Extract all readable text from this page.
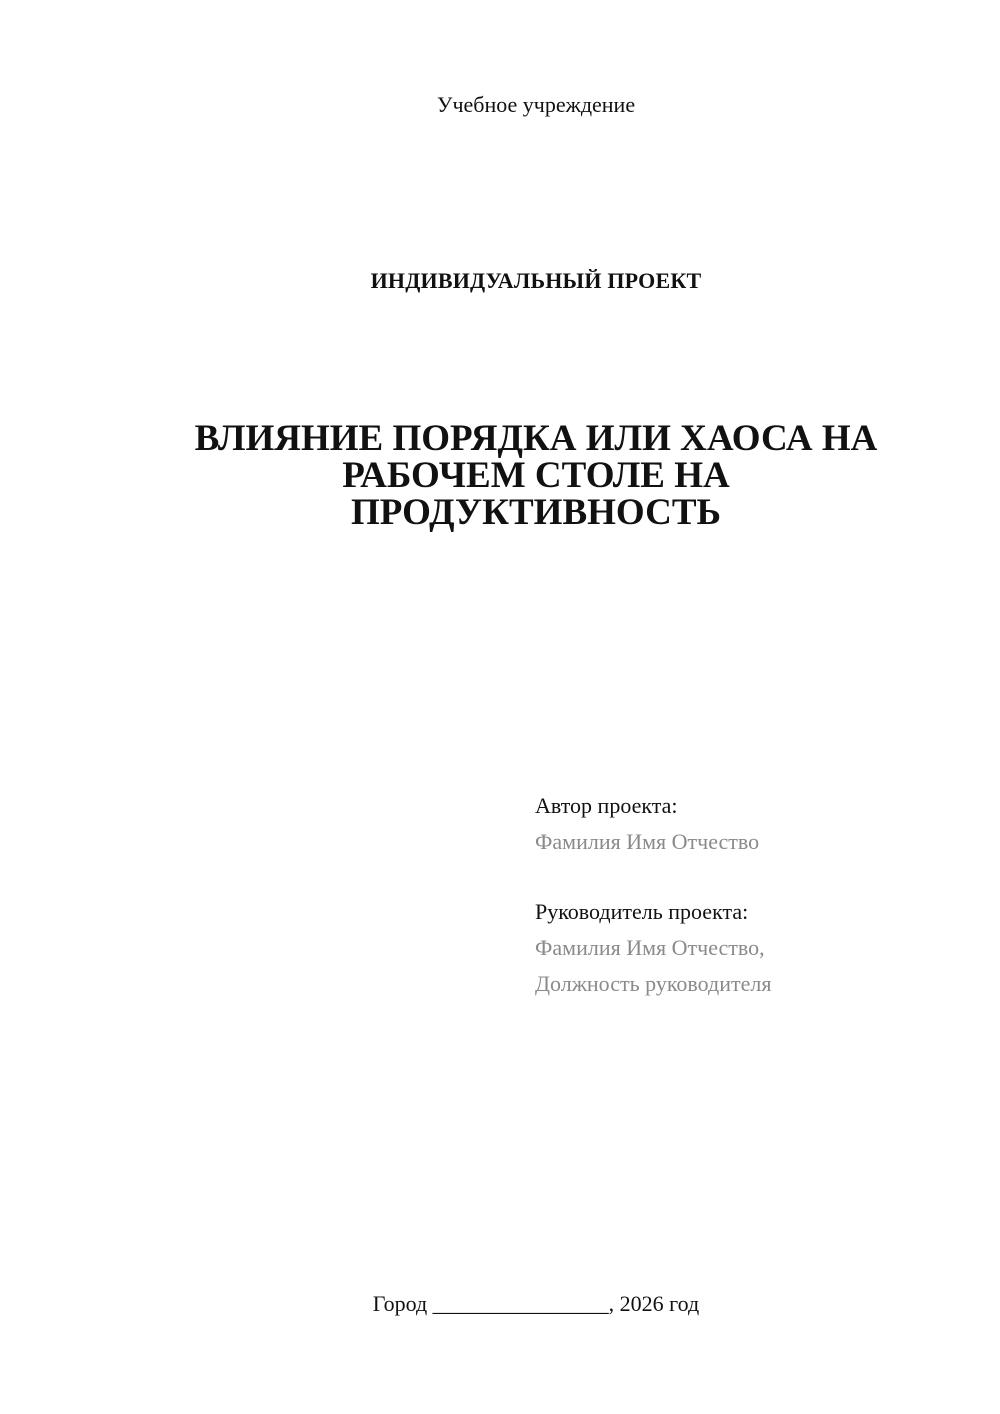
Учебное учреждение
ИНДИВИДУАЛЬНЫЙ ПРОЕКТ
ВЛИЯНИЕ ПОРЯДКА ИЛИ ХАОСА НА
РАБОЧЕМ СТОЛЕ НА
ПРОДУКТИВНОСТЬ
Автор проекта:
Фамилия Имя Отчество
Руководитель проекта:
Фамилия Имя Отчество,
Должность руководителя
Город ________________, 2026 год
